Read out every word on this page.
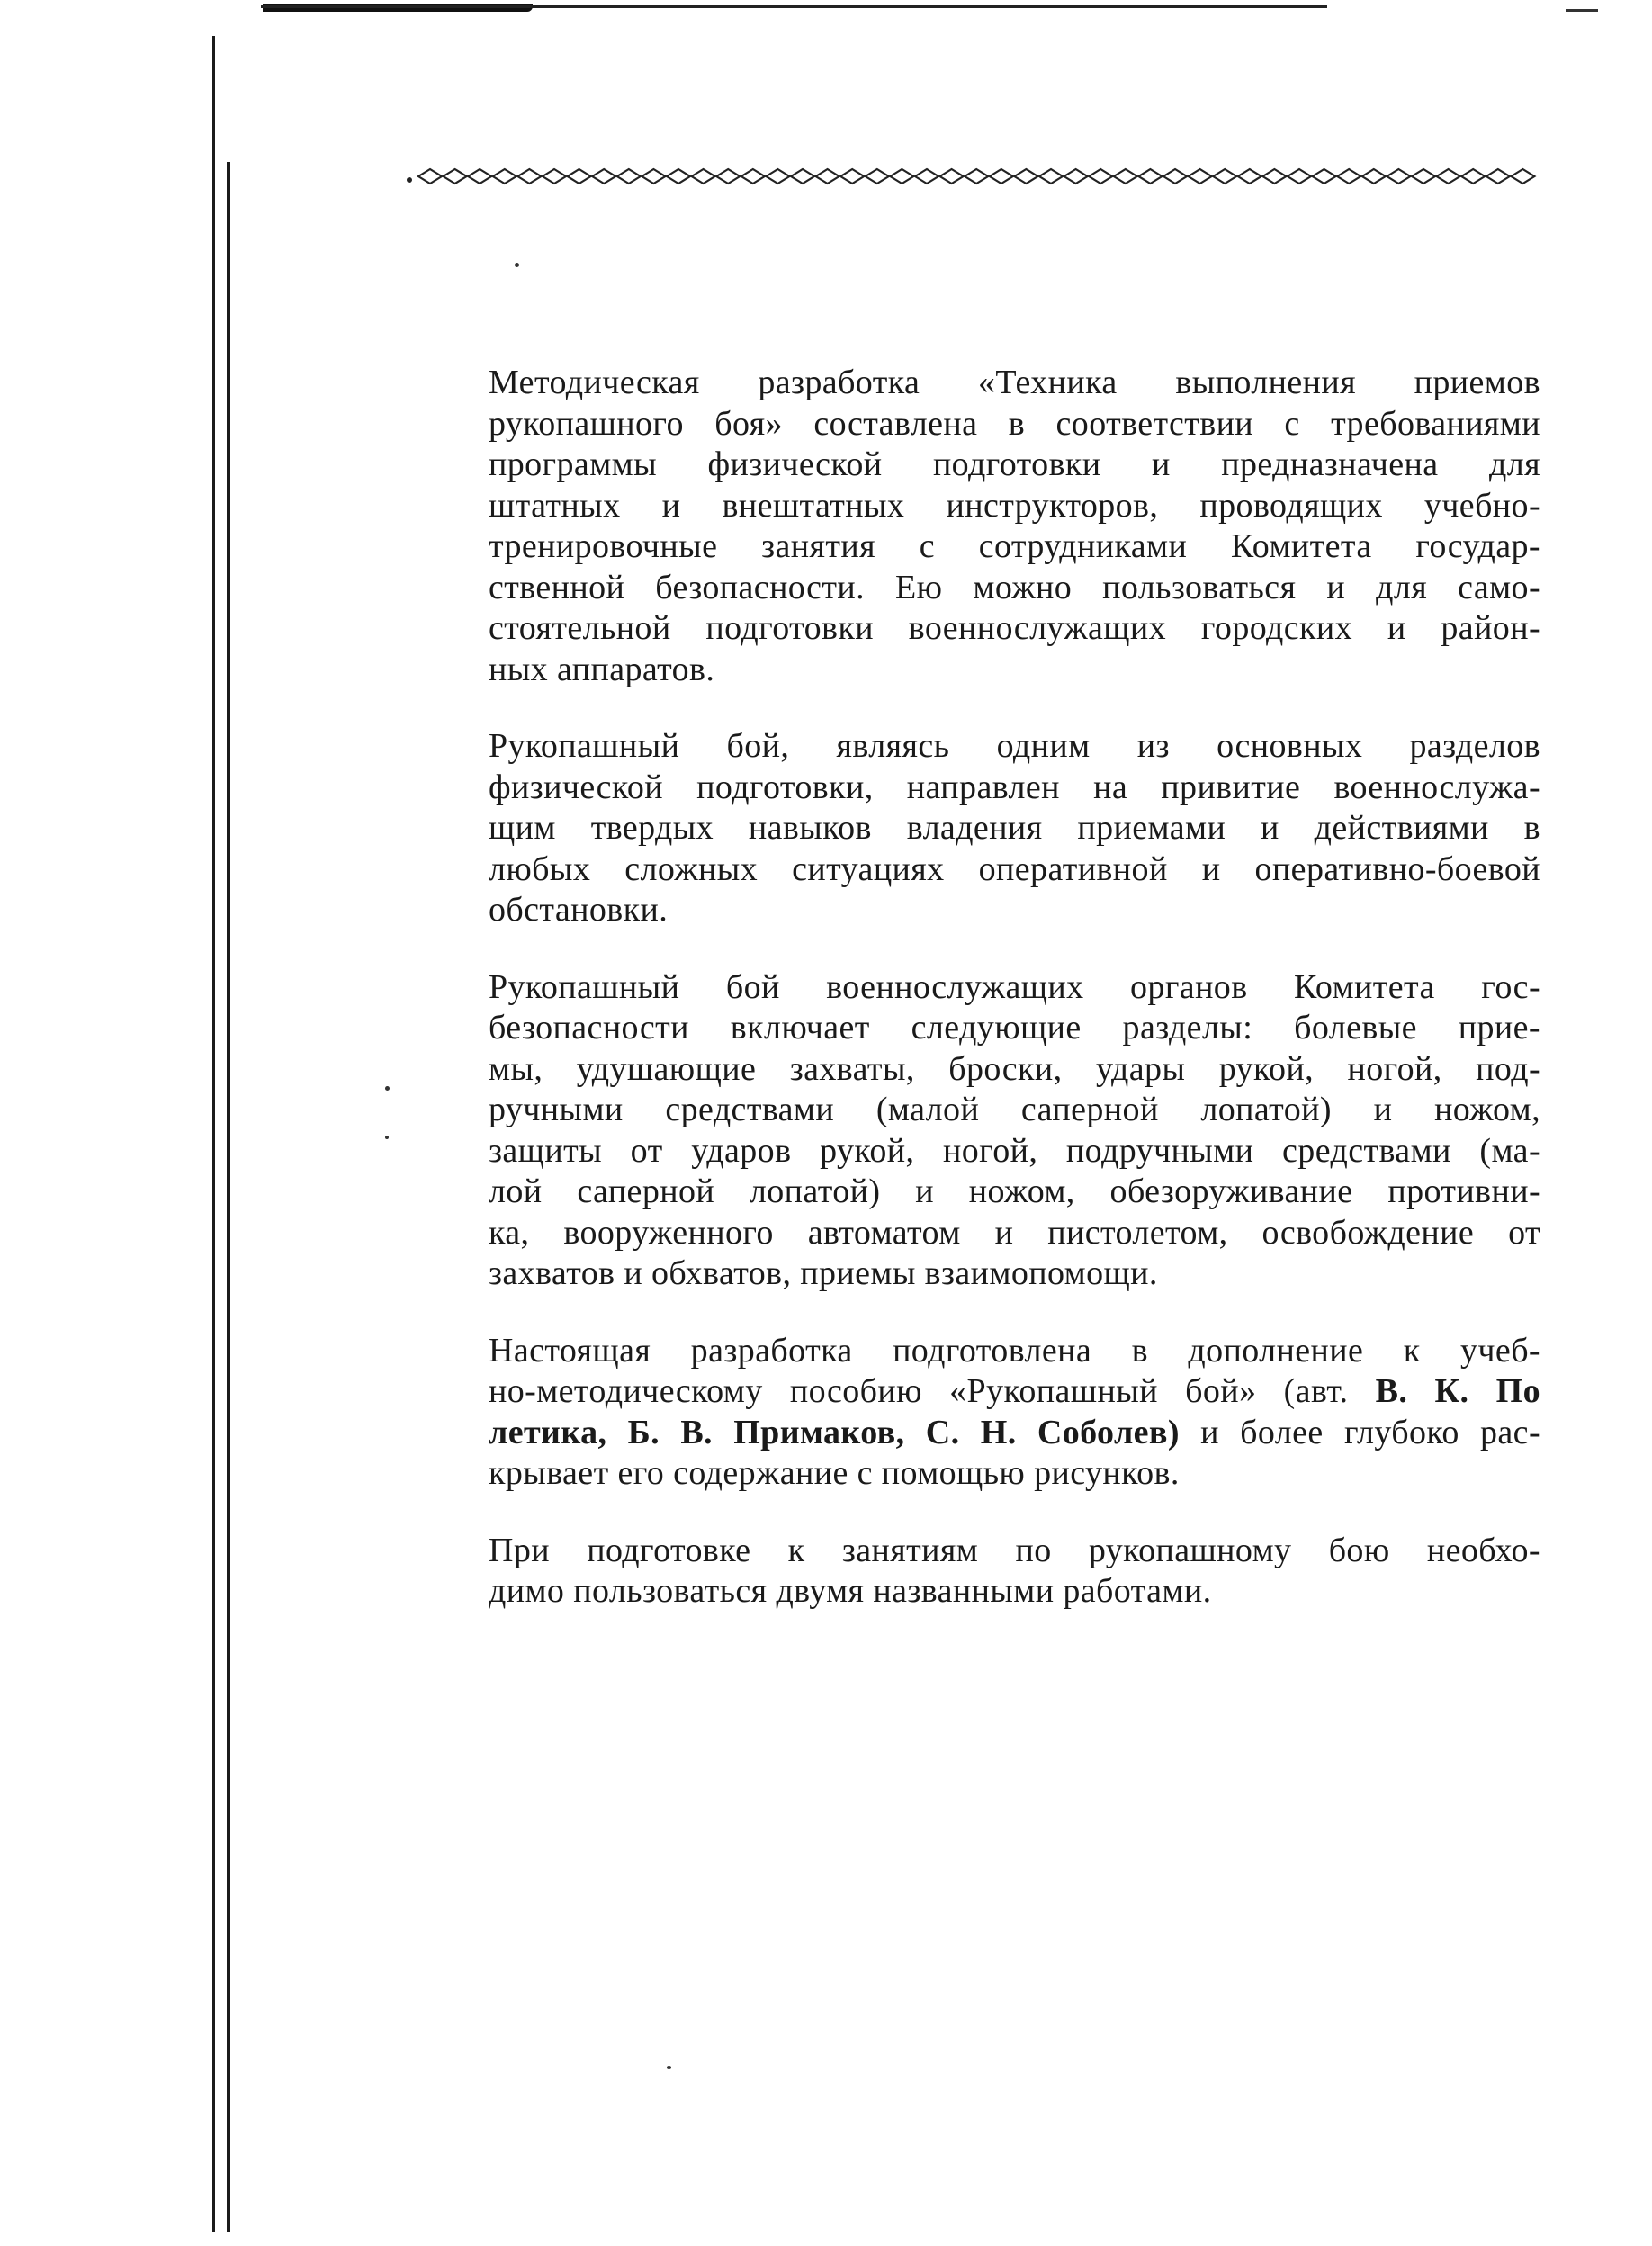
Методическая разработка «Техника выполнения приемов
рукопашного боя» составлена в соответствии с требованиями
программы физической подготовки и предназначена для
штатных и внештатных инструкторов, проводящих учебно-
тренировочные занятия с сотрудниками Комитета государ-
ственной безопасности. Ею можно пользоваться и для само-
стоятельной подготовки военнослужащих городских и район-
ных аппаратов.

Рукопашный бой, являясь одним из основных разделов
физической подготовки, направлен на привитие военнослужа-
щим твердых навыков владения приемами и действиями в
любых сложных ситуациях оперативной и оперативно-боевой
обстановки.

Рукопашный бой военнослужащих органов Комитета гос-
безопасности включает следующие разделы: болевые прие-
мы, удушающие захваты, броски, удары рукой, ногой, под-
ручными средствами (малой саперной лопатой) и ножом,
защиты от ударов рукой, ногой, подручными средствами (ма-
лой саперной лопатой) и ножом, обезоруживание противни-
ка, вооруженного автоматом и пистолетом, освобождение от
захватов и обхватов, приемы взаимопомощи.

Настоящая разработка подготовлена в дополнение к учеб-
но-методическому пособию «Рукопашный бой» (авт. В. К. По
летика, Б. В. Примаков, С. Н. Соболев) и более глубоко рас-
крывает его содержание с помощью рисунков.

При подготовке к занятиям по рукопашному бою необхо-
димо пользоваться двумя названными работами.
